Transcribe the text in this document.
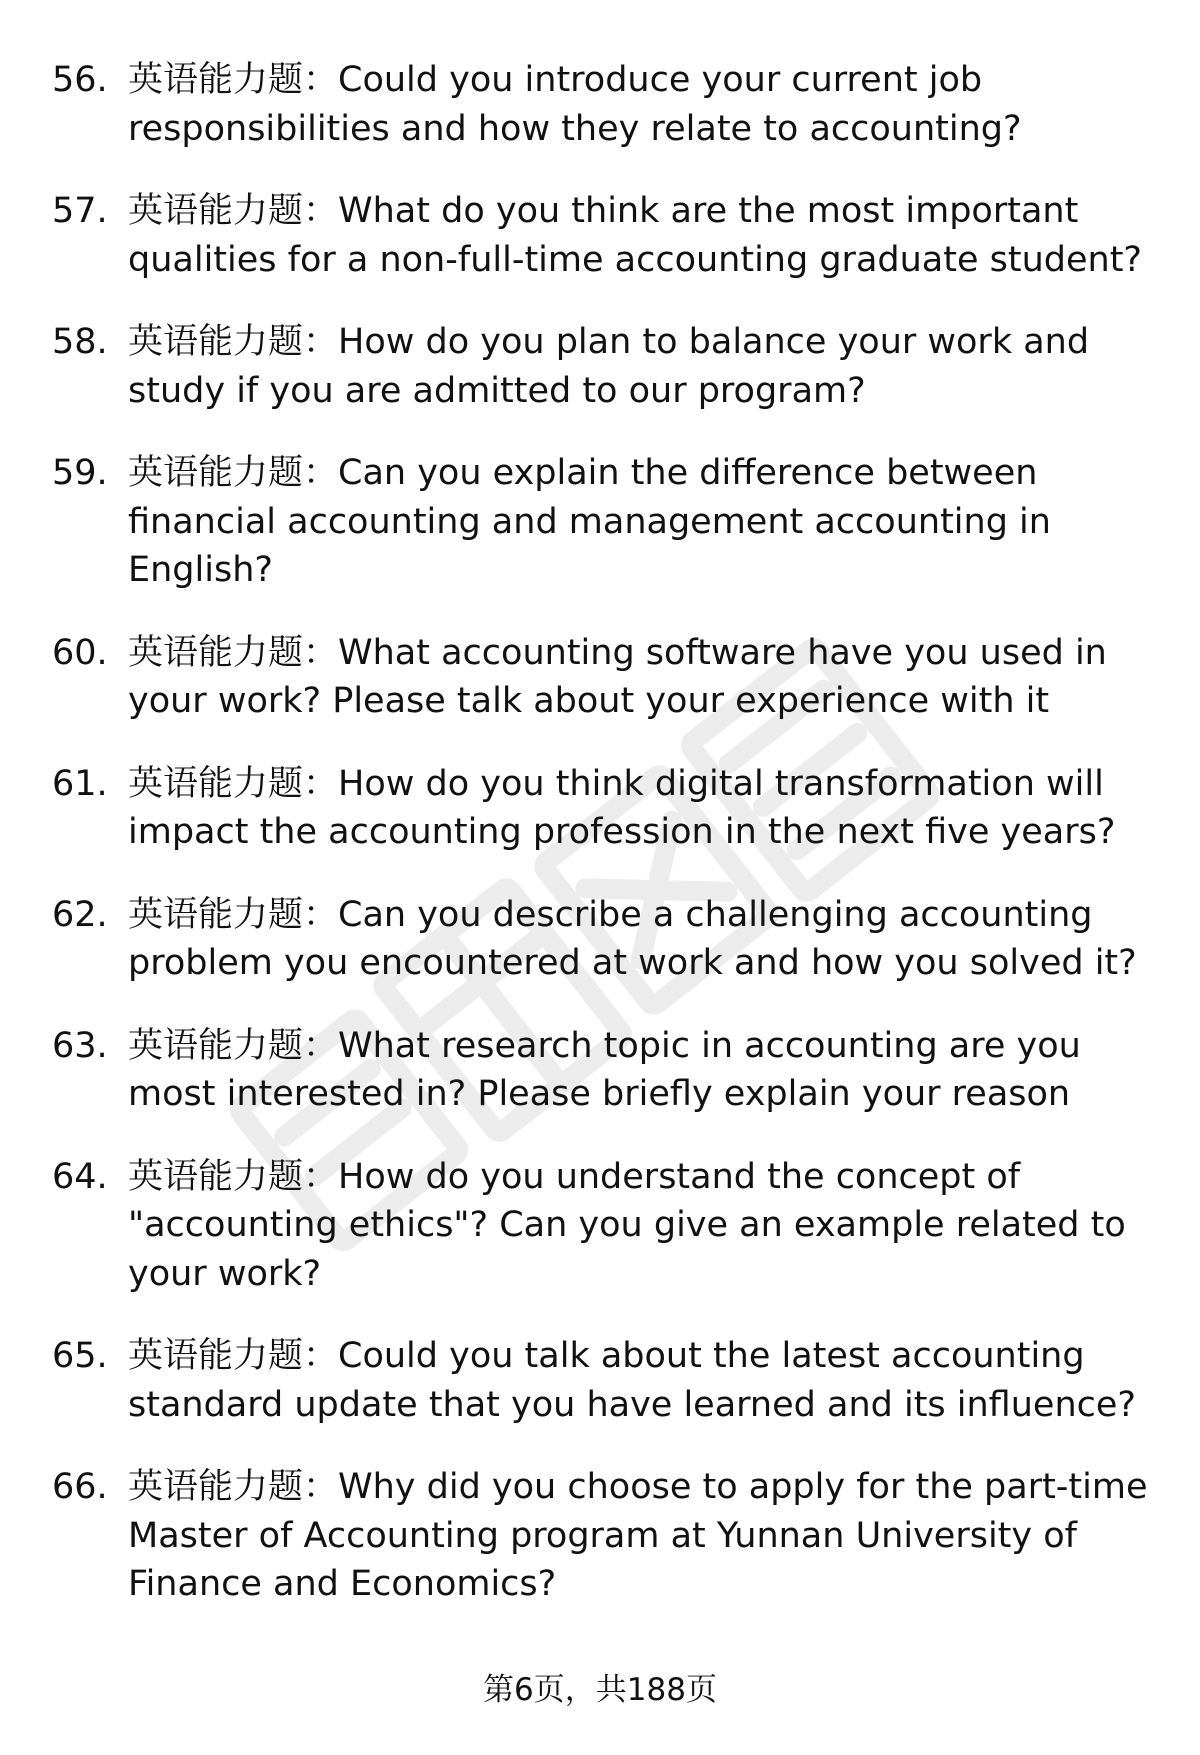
56. 英语能力题：Could you introduce your current job responsibilities and how they relate to accounting?
57. 英语能力题：What do you think are the most important qualities for a non-full-time accounting graduate student?
58. 英语能力题：How do you plan to balance your work and study if you are admitted to our program?
59. 英语能力题：Can you explain the difference between financial accounting and management accounting in English?
60. 英语能力题：What accounting software have you used in your work? Please talk about your experience with it
61. 英语能力题：How do you think digital transformation will impact the accounting profession in the next five years?
62. 英语能力题：Can you describe a challenging accounting problem you encountered at work and how you solved it?
63. 英语能力题：What research topic in accounting are you most interested in? Please briefly explain your reason
64. 英语能力题：How do you understand the concept of "accounting ethics"? Can you give an example related to your work?
65. 英语能力题：Could you talk about the latest accounting standard update that you have learned and its influence?
66. 英语能力题：Why did you choose to apply for the part-time Master of Accounting program at Yunnan University of Finance and Economics?
第6页，共188页
